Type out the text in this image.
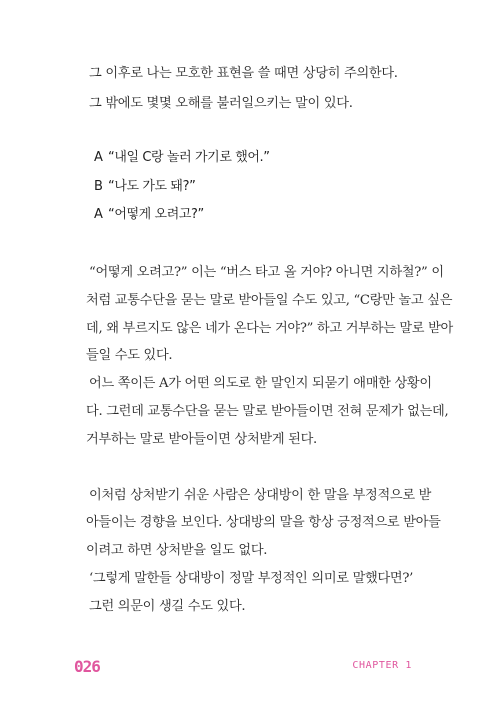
그 이후로 나는 모호한 표현을 쓸 때면 상당히 주의한다.
그 밖에도 몇몇 오해를 불러일으키는 말이 있다.
A “내일 C랑 놀러 가기로 했어.”
B “나도 가도 돼?”
A “어떻게 오려고?”
“어떻게 오려고?” 이는 “버스 타고 올 거야? 아니면 지하철?” 이
처럼 교통수단을 묻는 말로 받아들일 수도 있고, “C랑만 놀고 싶은
데, 왜 부르지도 않은 네가 온다는 거야?” 하고 거부하는 말로 받아
들일 수도 있다.
어느 쪽이든 A가 어떤 의도로 한 말인지 되묻기 애매한 상황이
다. 그런데 교통수단을 묻는 말로 받아들이면 전혀 문제가 없는데,
거부하는 말로 받아들이면 상처받게 된다.
이처럼 상처받기 쉬운 사람은 상대방이 한 말을 부정적으로 받
아들이는 경향을 보인다. 상대방의 말을 항상 긍정적으로 받아들
이려고 하면 상처받을 일도 없다.
‘그렇게 말한들 상대방이 정말 부정적인 의미로 말했다면?’
그런 의문이 생길 수도 있다.
026	CHAPTER 1
